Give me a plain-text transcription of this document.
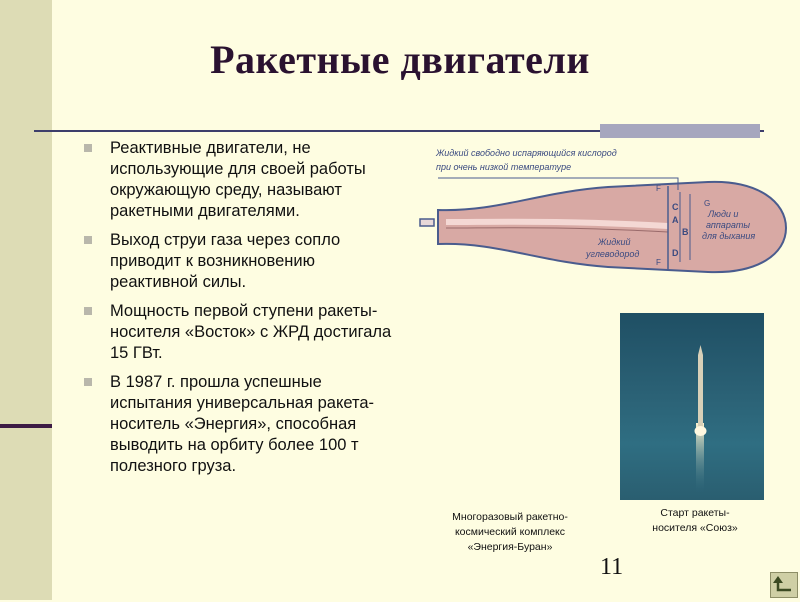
Ракетные двигатели
Реактивные двигатели, не использующие для своей работы окружающую среду, называют ракетными двигателями.
Выход струи газа через сопло приводит к возникновению реактивной силы.
Мощность первой ступени ракеты-носителя «Восток» с ЖРД достигала 15 ГВт.
В 1987 г. прошла успешные испытания универсальная ракета-носитель «Энергия», способная выводить на орбиту более 100 т полезного груза.
Жидкий свободно испаряющийся кислород
при очень низкой температуре
Жидкий
углеводород
Люди и
аппараты
для дыхания
F
G
C
A
B
D
F
Многоразовый ракетно-
космический комплекс
«Энергия-Буран»
Старт ракеты-
носителя «Союз»
11
